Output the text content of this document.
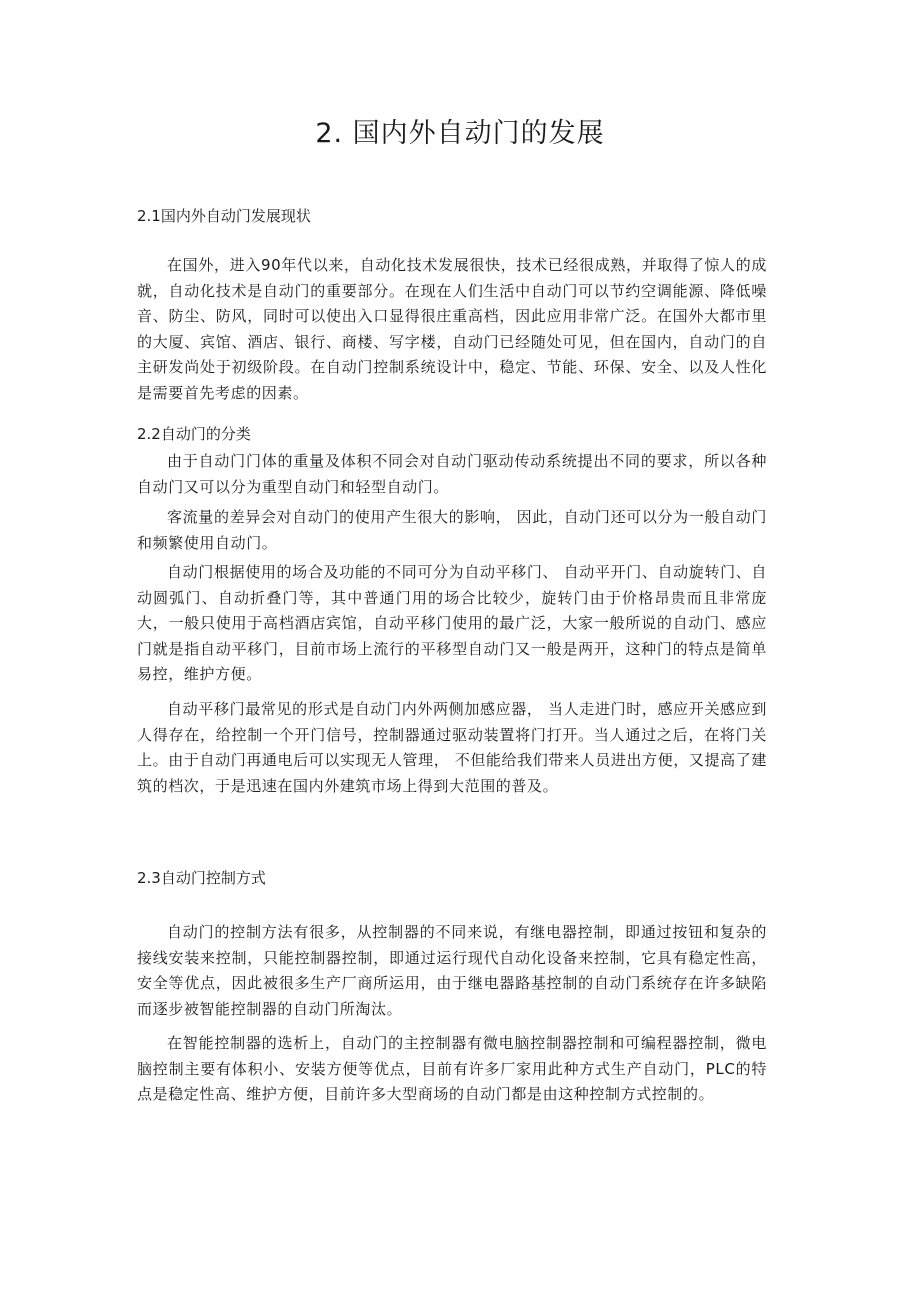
2. 国内外自动门的发展
2.1国内外自动门发展现状

在国外，进入90年代以来，自动化技术发展很快，技术已经很成熟，并取得了惊人的成就，自动化技术是自动门的重要部分。在现在人们生活中自动门可以节约空调能源、降低噪音、防尘、防风，同时可以使出入口显得很庄重高档，因此应用非常广泛。在国外大都市里的大厦、宾馆、酒店、银行、商楼、写字楼，自动门已经随处可见，但在国内，自动门的自主研发尚处于初级阶段。在自动门控制系统设计中，稳定、节能、环保、安全、以及人性化是需要首先考虑的因素。

2.2自动门的分类

由于自动门门体的重量及体积不同会对自动门驱动传动系统提出不同的要求，所以各种自动门又可以分为重型自动门和轻型自动门。

客流量的差异会对自动门的使用产生很大的影响， 因此，自动门还可以分为一般自动门和频繁使用自动门。

自动门根据使用的场合及功能的不同可分为自动平移门、 自动平开门、自动旋转门、自动圆弧门、自动折叠门等，其中普通门用的场合比较少，旋转门由于价格昂贵而且非常庞大，一般只使用于高档酒店宾馆，自动平移门使用的最广泛，大家一般所说的自动门、感应门就是指自动平移门，目前市场上流行的平移型自动门又一般是两开，这种门的特点是简单易控，维护方便。

自动平移门最常见的形式是自动门内外两侧加感应器， 当人走进门时，感应开关感应到人得存在，给控制一个开门信号，控制器通过驱动装置将门打开。当人通过之后，在将门关上。由于自动门再通电后可以实现无人管理， 不但能给我们带来人员进出方便，又提高了建筑的档次，于是迅速在国内外建筑市场上得到大范围的普及。

2.3自动门控制方式

自动门的控制方法有很多，从控制器的不同来说，有继电器控制，即通过按钮和复杂的接线安装来控制，只能控制器控制，即通过运行现代自动化设备来控制，它具有稳定性高，安全等优点，因此被很多生产厂商所运用，由于继电器路基控制的自动门系统存在许多缺陷而逐步被智能控制器的自动门所淘汰。

在智能控制器的选析上，自动门的主控制器有微电脑控制器控制和可编程器控制，微电脑控制主要有体积小、安装方便等优点，目前有许多厂家用此种方式生产自动门，PLC的特点是稳定性高、维护方便，目前许多大型商场的自动门都是由这种控制方式控制的。
